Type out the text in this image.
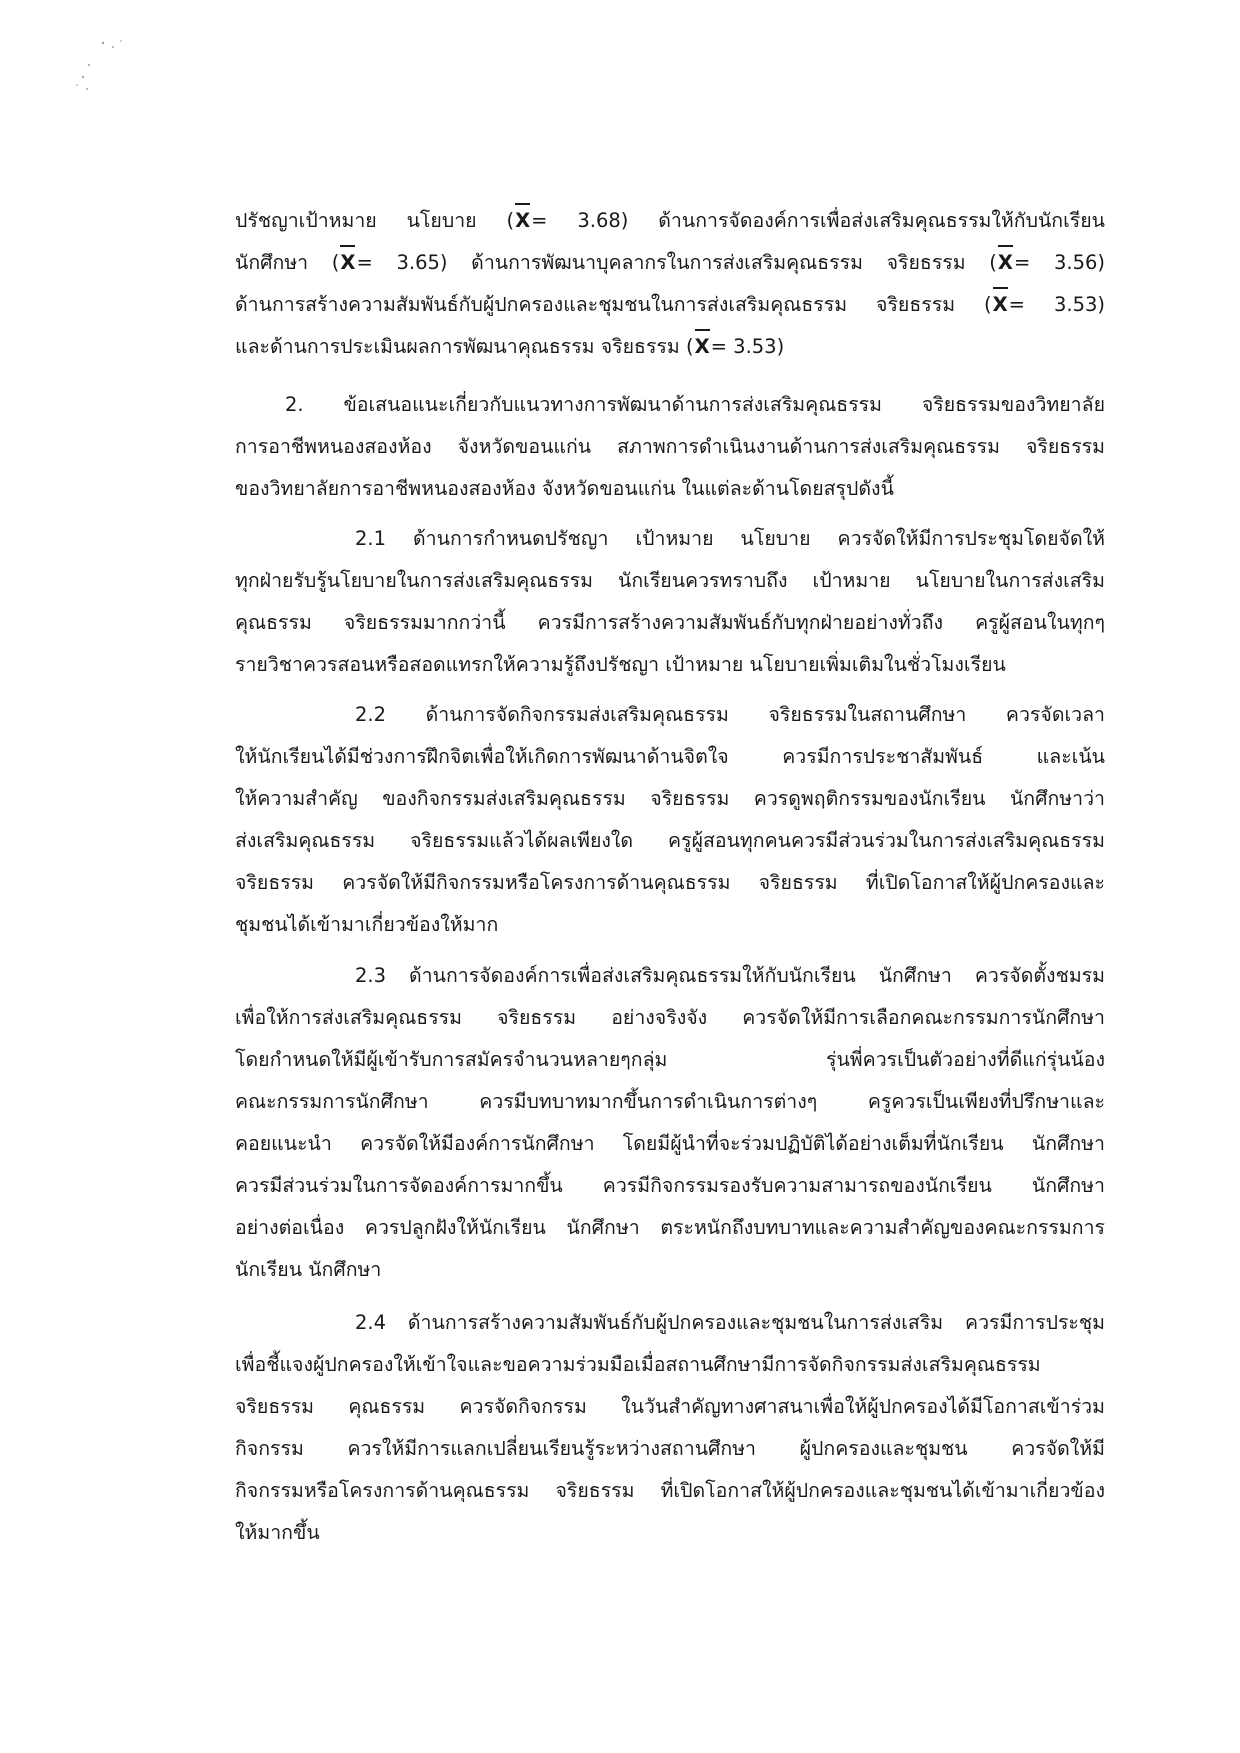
ปรัชญาเป้าหมาย นโยบาย (X= 3.68) ด้านการจัดองค์การเพื่อส่งเสริมคุณธรรมให้กับนักเรียน
นักศึกษา (X= 3.65) ด้านการพัฒนาบุคลากรในการส่งเสริมคุณธรรม จริยธรรม (X= 3.56)
ด้านการสร้างความสัมพันธ์กับผู้ปกครองและชุมชนในการส่งเสริมคุณธรรม จริยธรรม (X= 3.53)
และด้านการประเมินผลการพัฒนาคุณธรรม จริยธรรม (X= 3.53)
2. ข้อเสนอแนะเกี่ยวกับแนวทางการพัฒนาด้านการส่งเสริมคุณธรรม จริยธรรมของวิทยาลัย
การอาชีพหนองสองห้อง จังหวัดขอนแก่น สภาพการดำเนินงานด้านการส่งเสริมคุณธรรม จริยธรรม
ของวิทยาลัยการอาชีพหนองสองห้อง จังหวัดขอนแก่น ในแต่ละด้านโดยสรุปดังนี้
2.1 ด้านการกำหนดปรัชญา เป้าหมาย นโยบาย ควรจัดให้มีการประชุมโดยจัดให้
ทุกฝ่ายรับรู้นโยบายในการส่งเสริมคุณธรรม นักเรียนควรทราบถึง เป้าหมาย นโยบายในการส่งเสริม
คุณธรรม จริยธรรมมากกว่านี้ ควรมีการสร้างความสัมพันธ์กับทุกฝ่ายอย่างทั่วถึง ครูผู้สอนในทุกๆ
รายวิชาควรสอนหรือสอดแทรกให้ความรู้ถึงปรัชญา เป้าหมาย นโยบายเพิ่มเติมในชั่วโมงเรียน
2.2 ด้านการจัดกิจกรรมส่งเสริมคุณธรรม จริยธรรมในสถานศึกษา ควรจัดเวลา
ให้นักเรียนได้มีช่วงการฝึกจิตเพื่อให้เกิดการพัฒนาด้านจิตใจ ควรมีการประชาสัมพันธ์ และเน้น
ให้ความสำคัญ ของกิจกรรมส่งเสริมคุณธรรม จริยธรรม ควรดูพฤติกรรมของนักเรียน นักศึกษาว่า
ส่งเสริมคุณธรรม จริยธรรมแล้วได้ผลเพียงใด ครูผู้สอนทุกคนควรมีส่วนร่วมในการส่งเสริมคุณธรรม
จริยธรรม ควรจัดให้มีกิจกรรมหรือโครงการด้านคุณธรรม จริยธรรม ที่เปิดโอกาสให้ผู้ปกครองและ
ชุมชนได้เข้ามาเกี่ยวข้องให้มาก
2.3 ด้านการจัดองค์การเพื่อส่งเสริมคุณธรรมให้กับนักเรียน นักศึกษา ควรจัดตั้งชมรม
เพื่อให้การส่งเสริมคุณธรรม จริยธรรม อย่างจริงจัง ควรจัดให้มีการเลือกคณะกรรมการนักศึกษา
โดยกำหนดให้มีผู้เข้ารับการสมัครจำนวนหลายๆกลุ่ม รุ่นพี่ควรเป็นตัวอย่างที่ดีแก่รุ่นน้อง
คณะกรรมการนักศึกษา ควรมีบทบาทมากขึ้นการดำเนินการต่างๆ ครูควรเป็นเพียงที่ปรึกษาและ
คอยแนะนำ ควรจัดให้มีองค์การนักศึกษา โดยมีผู้นำที่จะร่วมปฏิบัติได้อย่างเต็มที่นักเรียน นักศึกษา
ควรมีส่วนร่วมในการจัดองค์การมากขึ้น ควรมีกิจกรรมรองรับความสามารถของนักเรียน นักศึกษา
อย่างต่อเนื่อง ควรปลูกฝังให้นักเรียน นักศึกษา ตระหนักถึงบทบาทและความสำคัญของคณะกรรมการ
นักเรียน นักศึกษา
2.4 ด้านการสร้างความสัมพันธ์กับผู้ปกครองและชุมชนในการส่งเสริม ควรมีการประชุม
เพื่อชี้แจงผู้ปกครองให้เข้าใจและขอความร่วมมือเมื่อสถานศึกษามีการจัดกิจกรรมส่งเสริมคุณธรรม
จริยธรรม คุณธรรม ควรจัดกิจกรรม ในวันสำคัญทางศาสนาเพื่อให้ผู้ปกครองได้มีโอกาสเข้าร่วม
กิจกรรม ควรให้มีการแลกเปลี่ยนเรียนรู้ระหว่างสถานศึกษา ผู้ปกครองและชุมชน ควรจัดให้มี
กิจกรรมหรือโครงการด้านคุณธรรม จริยธรรม ที่เปิดโอกาสให้ผู้ปกครองและชุมชนได้เข้ามาเกี่ยวข้อง
ให้มากขึ้น
